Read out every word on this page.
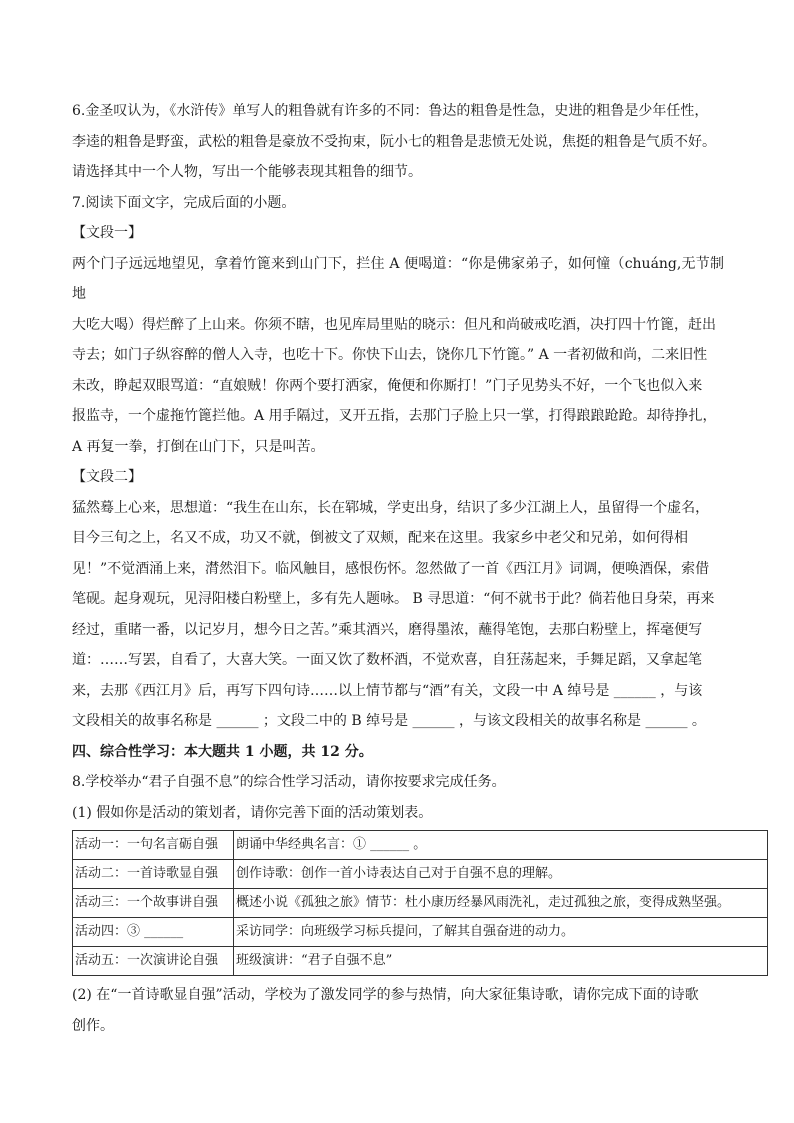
6.金圣叹认为，《水浒传》单写人的粗鲁就有许多的不同：鲁达的粗鲁是性急，史进的粗鲁是少年任性，

李逵的粗鲁是野蛮，武松的粗鲁是豪放不受拘束，阮小七的粗鲁是悲愤无处说，焦挺的粗鲁是气质不好。

请选择其中一个人物，写出一个能够表现其粗鲁的细节。

7.阅读下面文字，完成后面的小题。

【文段一】

两个门子远远地望见，拿着竹篦来到山门下，拦住 A 便喝道：“你是佛家弟子，如何憧（chuáng,无节制地

大吃大喝）得烂醉了上山来。你须不瞎，也见库局里贴的晓示：但凡和尚破戒吃酒，决打四十竹篦，赶出

寺去；如门子纵容醉的僧人入寺，也吃十下。你快下山去，饶你几下竹篦。” A 一者初做和尚，二来旧性

未改，睁起双眼骂道：“直娘贼！你两个要打洒家，俺便和你厮打！”门子见势头不好，一个飞也似入来

报监寺，一个虚拖竹篦拦他。A 用手隔过，叉开五指，去那门子脸上只一掌，打得踉踉跄跄。却待挣扎，

A 再复一拳，打倒在山门下，只是叫苦。

【文段二】

猛然蓦上心来，思想道：“我生在山东，长在郓城，学吏出身，结识了多少江湖上人，虽留得一个虚名，

目今三旬之上，名又不成，功又不就，倒被文了双颊，配来在这里。我家乡中老父和兄弟，如何得相

见！”不觉酒涌上来，潸然泪下。临风触目，感恨伤怀。忽然做了一首《西江月》词调，便唤酒保，索借

笔砚。起身观玩，见浔阳楼白粉壁上，多有先人题咏。 B 寻思道：“何不就书于此？倘若他日身荣，再来

经过，重睹一番，以记岁月，想今日之苦。”乘其酒兴，磨得墨浓，蘸得笔饱，去那白粉壁上，挥毫便写

道：……写罢，自看了，大喜大笑。一面又饮了数杯酒，不觉欢喜，自狂荡起来，手舞足蹈，又拿起笔

来，去那《西江月》后，再写下四句诗……以上情节都与“酒”有关，文段一中 A 绰号是 ______ ，与该

文段相关的故事名称是 ______ ；文段二中的 B 绰号是 ______ ，与该文段相关的故事名称是 ______ 。

四、综合性学习：本大题共 1 小题，共 12 分。

8.学校举办“君子自强不息”的综合性学习活动，请你按要求完成任务。

(1) 假如你是活动的策划者，请你完善下面的活动策划表。

活动一：一句名言砺自强	朗诵中华经典名言：① ______ 。
活动二：一首诗歌显自强	创作诗歌：创作一首小诗表达自己对于自强不息的理解。
活动三：一个故事讲自强	概述小说《孤独之旅》情节：杜小康历经暴风雨洗礼，走过孤独之旅，变得成熟坚强。
活动四：③ ______	采访同学：向班级学习标兵提问，了解其自强奋进的动力。
活动五：一次演讲论自强	班级演讲：“君子自强不息”

(2) 在“一首诗歌显自强”活动，学校为了激发同学的参与热情，向大家征集诗歌，请你完成下面的诗歌

创作。
